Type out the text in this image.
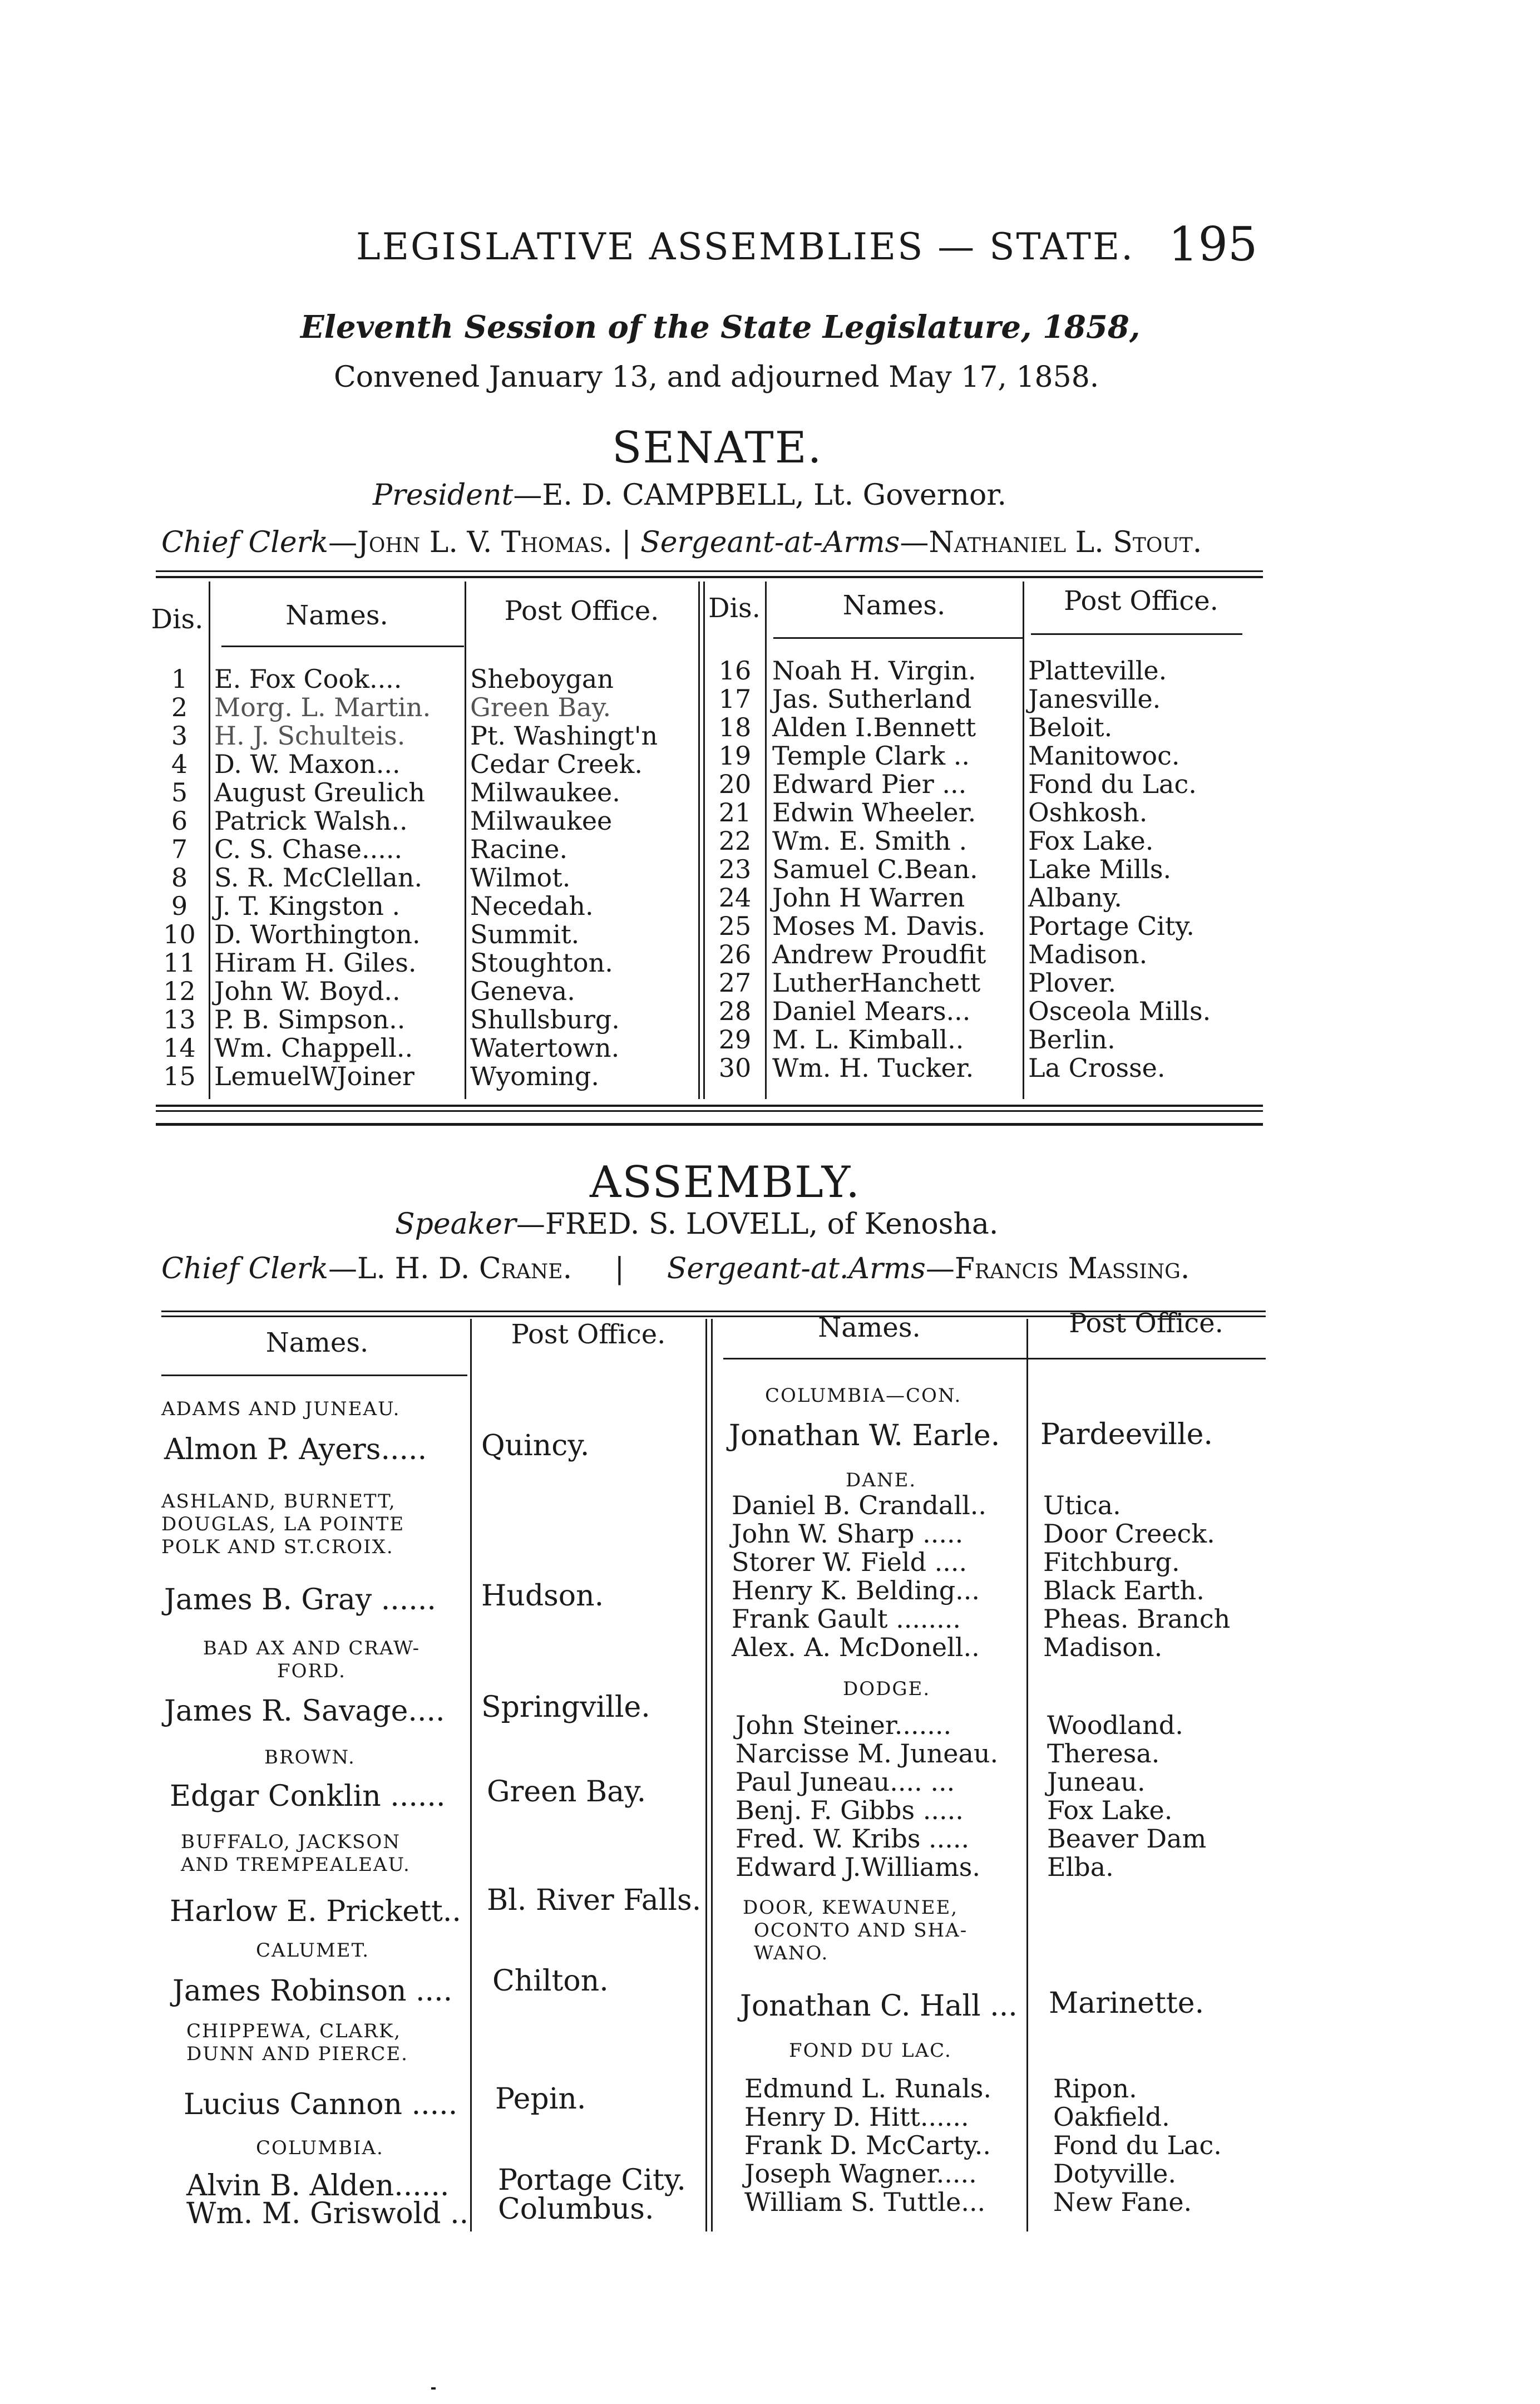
LEGISLATIVE ASSEMBLIES — STATE. 195
Eleventh Session of the State Legislature, 1858,
Convened January 13, and adjourned May 17, 1858.
SENATE.
President—E. D. CAMPBELL, Lt. Governor.
Chief Clerk—John L. V. Thomas. | Sergeant-at-Arms—Nathaniel L. Stout.
Dis.	Names.	Post Office.	Dis.	Names.	Post Office.
1	E. Fox Cook....	Sheboygan
2	Morg. L. Martin.	Green Bay.
3	H. J. Schulteis.	Pt. Washingt'n
4	D. W. Maxon...	Cedar Creek.
5	August Greulich	Milwaukee.
6	Patrick Walsh..	Milwaukee
7	C. S. Chase.....	Racine.
8	S. R. McClellan.	Wilmot.
9	J. T. Kingston .	Necedah.
10 D. Worthington.	Summit.
11 Hiram H. Giles.	Stoughton.
12 John W. Boyd..	Geneva.
13 P. B. Simpson..	Shullsburg.
14 Wm. Chappell..	Watertown.
15 LemuelWJoiner	Wyoming.
16 Noah H. Virgin.	Platteville.
17 Jas. Sutherland	Janesville.
18 Alden I.Bennett	Beloit.
19 Temple Clark ..	Manitowoc.
20 Edward Pier ...	Fond du Lac.
21 Edwin Wheeler.	Oshkosh.
22 Wm. E. Smith .	Fox Lake.
23 Samuel C.Bean.	Lake Mills.
24 John H Warren	Albany.
25 Moses M. Davis.	Portage City.
26 Andrew Proudfit	Madison.
27 LutherHanchett	Plover.
28 Daniel Mears...	Osceola Mills.
29 M. L. Kimball..	Berlin.
30 Wm. H. Tucker.	La Crosse.
ASSEMBLY.
Speaker—FRED. S. LOVELL, of Kenosha.
Chief Clerk—L. H. D. Crane. | Sergeant-at.Arms—Francis Massing.
Names.	Post Office.	Names.	Post Office.
ADAMS AND JUNEAU.
Almon P. Ayers..... Quincy.
ASHLAND, BURNETT,
DOUGLAS, LA POINTE
POLK AND ST.CROIX.
James B. Gray ...... Hudson.
BAD AX AND CRAW-
FORD.
James R. Savage.... Springville.
BROWN.
Edgar Conklin ...... Green Bay.
BUFFALO, JACKSON
AND TREMPEALEAU.
Harlow E. Prickett.. Bl. River Falls.
CALUMET.
James Robinson .... Chilton.
CHIPPEWA, CLARK,
DUNN AND PIERCE.
Lucius Cannon ..... Pepin.
COLUMBIA.
Alvin B. Alden...... Portage City.
Wm. M. Griswold .. Columbus.
COLUMBIA—CON.
Jonathan W. Earle. Pardeeville.
DANE.
Daniel B. Crandall..	Utica.
John W. Sharp .....	Door Creeck.
Storer W. Field ....	Fitchburg.
Henry K. Belding...	Black Earth.
Frank Gault ........	Pheas. Branch
Alex. A. McDonell..	Madison.
DODGE.
John Steiner.......	Woodland.
Narcisse M. Juneau.	Theresa.
Paul Juneau.... ...	Juneau.
Benj. F. Gibbs .....	Fox Lake.
Fred. W. Kribs .....	Beaver Dam
Edward J.Williams.	Elba.
DOOR, KEWAUNEE,
OCONTO AND SHA-
WANO.
Jonathan C. Hall ... Marinette.
FOND DU LAC.
Edmund L. Runals.	Ripon.
Henry D. Hitt......	Oakfield.
Frank D. McCarty..	Fond du Lac.
Joseph Wagner.....	Dotyville.
William S. Tuttle...	New Fane.
